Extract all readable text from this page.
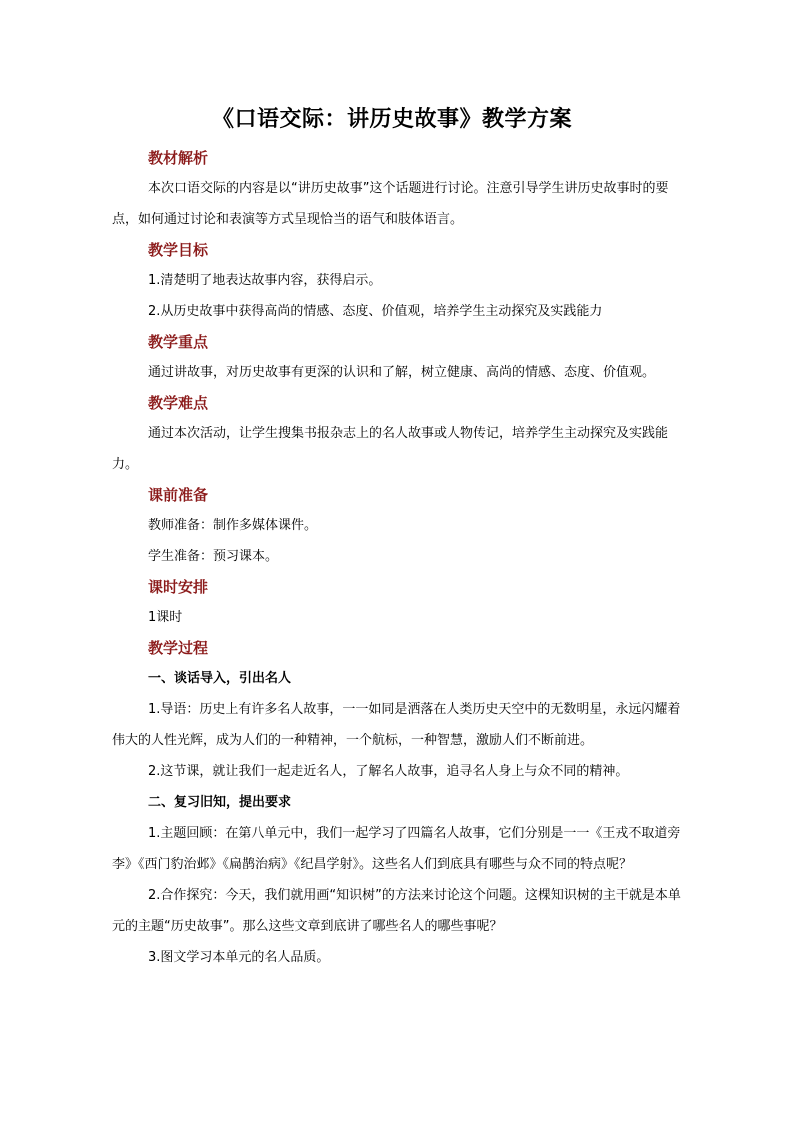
《口语交际：讲历史故事》教学方案
教材解析

本次口语交际的内容是以“讲历史故事”这个话题进行讨论。注意引导学生讲历史故事时的要点，如何通过讨论和表演等方式呈现恰当的语气和肢体语言。

教学目标

1.清楚明了地表达故事内容，获得启示。

2.从历史故事中获得高尚的情感、态度、价值观，培养学生主动探究及实践能力

教学重点

通过讲故事，对历史故事有更深的认识和了解，树立健康、高尚的情感、态度、价值观。

教学难点

通过本次活动，让学生搜集书报杂志上的名人故事或人物传记，培养学生主动探究及实践能力。

课前准备

教师准备：制作多媒体课件。

学生准备：预习课本。

课时安排

1课时

教学过程

一、谈话导入，引出名人

1.导语：历史上有许多名人故事，一一如同是洒落在人类历史天空中的无数明星，永远闪耀着伟大的人性光辉，成为人们的一种精神，一个航标，一种智慧，激励人们不断前进。

2.这节课，就让我们一起走近名人，了解名人故事，追寻名人身上与众不同的精神。

二、复习旧知，提出要求

1.主题回顾：在第八单元中，我们一起学习了四篇名人故事，它们分别是一一《王戎不取道旁李》《西门豹治邺》《扁鹊治病》《纪昌学射》。这些名人们到底具有哪些与众不同的特点呢？

2.合作探究：今天，我们就用画“知识树”的方法来讨论这个问题。这棵知识树的主干就是本单元的主题“历史故事”。那么这些文章到底讲了哪些名人的哪些事呢？

3.图文学习本单元的名人品质。
